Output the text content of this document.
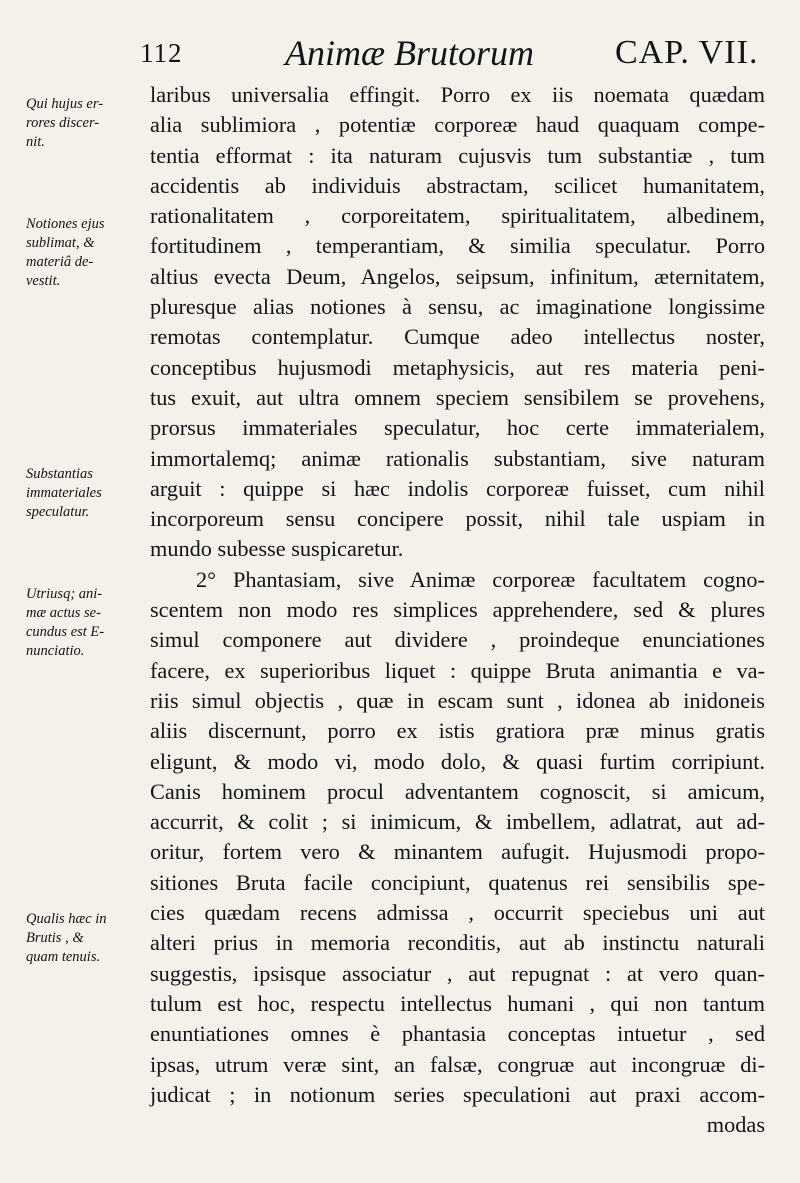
112	Animæ Brutorum CAP. VII.
Qui hujus er-
rores discer-
nit.
Notiones ejus
sublimat, &
materiâ de-
vestit.
Substantias
immateriales
speculatur.
Utriusq; ani-
mæ actus se-
cundus est E-
nunciatio.
Qualis hæc in
Brutis , &
quam tenuis.
laribus universalia effingit. Porro ex iis noemata quædam
alia sublimiora , potentiæ corporeæ haud quaquam compe-
tentia efformat : ita naturam cujusvis tum substantiæ , tum
accidentis ab individuis abstractam, scilicet humanitatem,
rationalitatem , corporeitatem, spiritualitatem, albedinem,
fortitudinem , temperantiam, & similia speculatur. Porro
altius evecta Deum, Angelos, seipsum, infinitum, æternitatem,
pluresque alias notiones à sensu, ac imaginatione longissime
remotas contemplatur. Cumque adeo intellectus noster,
conceptibus hujusmodi metaphysicis, aut res materia peni-
tus exuit, aut ultra omnem speciem sensibilem se provehens,
prorsus immateriales speculatur, hoc certe immaterialem,
immortalemq; animæ rationalis substantiam, sive naturam
arguit : quippe si hæc indolis corporeæ fuisset, cum nihil
incorporeum sensu concipere possit, nihil tale uspiam in
mundo subesse suspicaretur.
2° Phantasiam, sive Animæ corporeæ facultatem cogno-
scentem non modo res simplices apprehendere, sed & plures
simul componere aut dividere , proindeque enunciationes
facere, ex superioribus liquet : quippe Bruta animantia e va-
riis simul objectis , quæ in escam sunt , idonea ab inidoneis
aliis discernunt, porro ex istis gratiora præ minus gratis
eligunt, & modo vi, modo dolo, & quasi furtim corripiunt.
Canis hominem procul adventantem cognoscit, si amicum,
accurrit, & colit ; si inimicum, & imbellem, adlatrat, aut ad-
oritur, fortem vero & minantem aufugit. Hujusmodi propo-
sitiones Bruta facile concipiunt, quatenus rei sensibilis spe-
cies quædam recens admissa , occurrit speciebus uni aut
alteri prius in memoria reconditis, aut ab instinctu naturali
suggestis, ipsisque associatur , aut repugnat : at vero quan-
tulum est hoc, respectu intellectus humani , qui non tantum
enuntiationes omnes è phantasia conceptas intuetur , sed
ipsas, utrum veræ sint, an falsæ, congruæ aut incongruæ di-
judicat ; in notionum series speculationi aut praxi accom-
modas
